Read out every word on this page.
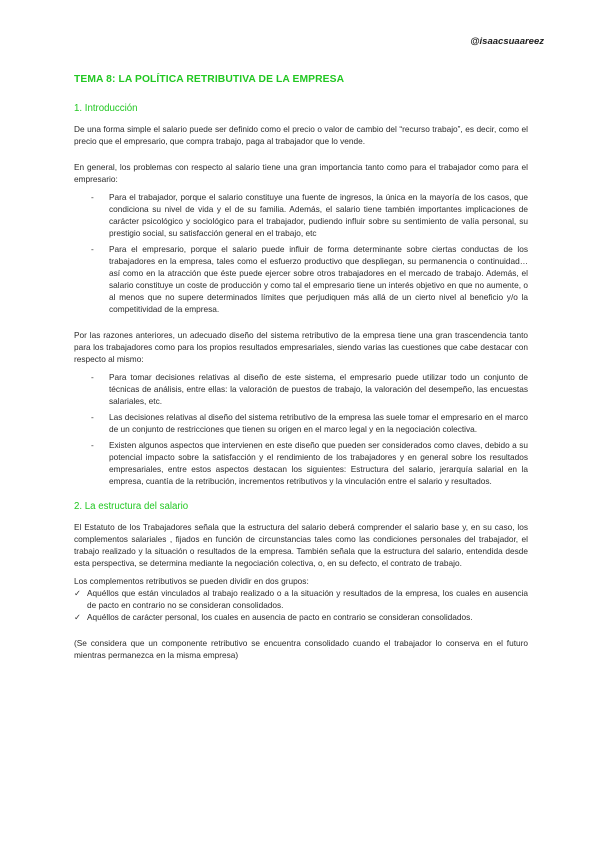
@isaacsuaareez
TEMA 8: LA POLÍTICA RETRIBUTIVA DE LA EMPRESA
1. Introducción

De una forma simple el salario puede ser definido como el precio o valor de cambio del “recurso trabajo”, es decir, como el precio que el empresario, que compra trabajo, paga al trabajador que lo vende.

En general, los problemas con respecto al salario tiene una gran importancia tanto como para el trabajador como para el empresario:

- Para el trabajador, porque el salario constituye una fuente de ingresos, la única en la mayoría de los casos, que condiciona su nivel de vida y el de su familia. Además, el salario tiene también importantes implicaciones de carácter psicológico y sociológico para el trabajador, pudiendo influir sobre su sentimiento de valía personal, su prestigio social, su satisfacción general en el trabajo, etc
- Para el empresario, porque el salario puede influir de forma determinante sobre ciertas conductas de los trabajadores en la empresa, tales como el esfuerzo productivo que despliegan, su permanencia o continuidad… así como en la atracción que éste puede ejercer sobre otros trabajadores en el mercado de trabajo. Además, el salario constituye un coste de producción y como tal el empresario tiene un interés objetivo en que no aumente, o al menos que no supere determinados límites que perjudiquen más allá de un cierto nivel al beneficio y/o la competitividad de la empresa.

Por las razones anteriores, un adecuado diseño del sistema retributivo de la empresa tiene una gran trascendencia tanto para los trabajadores como para los propios resultados empresariales, siendo varias las cuestiones que cabe destacar con respecto al mismo:

- Para tomar decisiones relativas al diseño de este sistema, el empresario puede utilizar todo un conjunto de técnicas de análisis, entre ellas: la valoración de puestos de trabajo, la valoración del desempeño, las encuestas salariales, etc.
- Las decisiones relativas al diseño del sistema retributivo de la empresa las suele tomar el empresario en el marco de un conjunto de restricciones que tienen su origen en el marco legal y en la negociación colectiva.
- Existen algunos aspectos que intervienen en este diseño que pueden ser considerados como claves, debido a su potencial impacto sobre la satisfacción y el rendimiento de los trabajadores y en general sobre los resultados empresariales, entre estos aspectos destacan los siguientes: Estructura del salario, jerarquía salarial en la empresa, cuantía de la retribución, incrementos retributivos y la vinculación entre el salario y resultados.
2. La estructura del salario

El Estatuto de los Trabajadores señala que la estructura del salario deberá comprender el salario base y, en su caso, los complementos salariales , fijados en función de circunstancias tales como las condiciones personales del trabajador, el trabajo realizado y la situación o resultados de la empresa. También señala que la estructura del salario, entendida desde esta perspectiva, se determina mediante la negociación colectiva, o, en su defecto, el contrato de trabajo.

Los complementos retributivos se pueden dividir en dos grupos:

✓ Aquéllos que están vinculados al trabajo realizado o a la situación y resultados de la empresa, los cuales en ausencia de pacto en contrario no se consideran consolidados.
✓ Aquéllos de carácter personal, los cuales en ausencia de pacto en contrario se consideran consolidados.

(Se considera que un componente retributivo se encuentra consolidado cuando el trabajador lo conserva en el futuro mientras permanezca en la misma empresa)
